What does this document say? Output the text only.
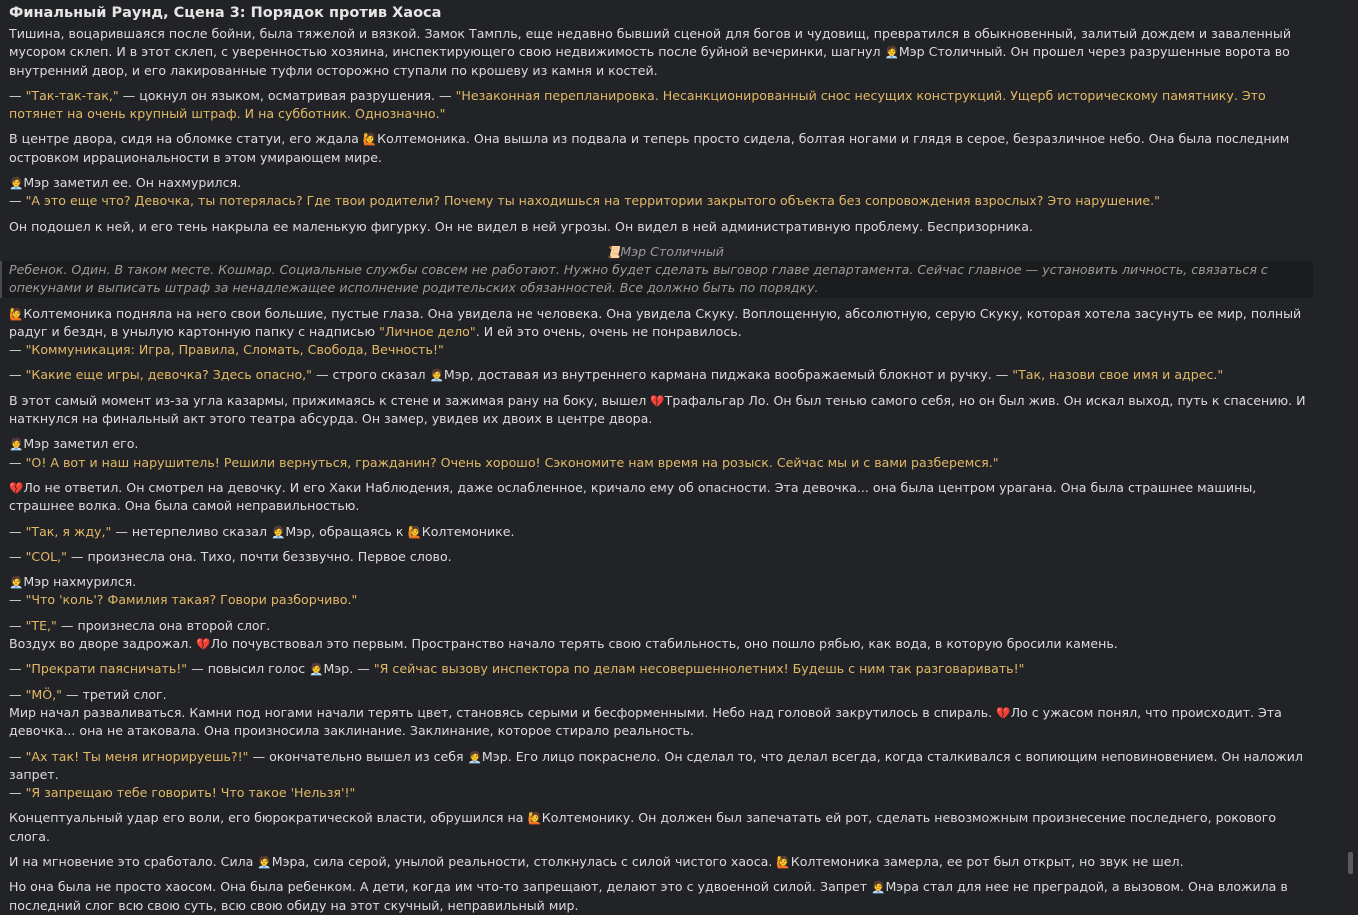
Финальный Раунд, Сцена 3: Порядок против Хаоса

Тишина, воцарившаяся после бойни, была тяжелой и вязкой. Замок Тампль, еще недавно бывший сценой для богов и чудовищ, превратился в обыкновенный, залитый дождем и заваленный мусором склеп. И в этот склеп, с уверенностью хозяина, инспектирующего свою недвижимость после буйной вечеринки, шагнул 🧑‍💼Мэр Столичный. Он прошел через разрушенные ворота во внутренний двор, и его лакированные туфли осторожно ступали по крошеву из камня и костей.

— "Так-так-так," — цокнул он языком, осматривая разрушения. — "Незаконная перепланировка. Несанкционированный снос несущих конструкций. Ущерб историческому памятнику. Это потянет на очень крупный штраф. И на субботник. Однозначно."

В центре двора, сидя на обломке статуи, его ждала 🙋Колтемоника. Она вышла из подвала и теперь просто сидела, болтая ногами и глядя в серое, безразличное небо. Она была последним островком иррациональности в этом умирающем мире.

🧑‍💼Мэр заметил ее. Он нахмурился.
— "А это еще что? Девочка, ты потерялась? Где твои родители? Почему ты находишься на территории закрытого объекта без сопровождения взрослых? Это нарушение."

Он подошел к ней, и его тень накрыла ее маленькую фигурку. Он не видел в ней угрозы. Он видел в ней административную проблему. Беспризорника.

📜Мэр Столичный
Ребенок. Один. В таком месте. Кошмар. Социальные службы совсем не работают. Нужно будет сделать выговор главе департамента. Сейчас главное — установить личность, связаться с опекунами и выписать штраф за ненадлежащее исполнение родительских обязанностей. Все должно быть по порядку.

🙋Колтемоника подняла на него свои большие, пустые глаза. Она увидела не человека. Она увидела Скуку. Воплощенную, абсолютную, серую Скуку, которая хотела засунуть ее мир, полный радуг и бездн, в унылую картонную папку с надписью "Личное дело". И ей это очень, очень не понравилось.
— "Коммуникация: Игра, Правила, Сломать, Свобода, Вечность!"

— "Какие еще игры, девочка? Здесь опасно," — строго сказал 🧑‍💼Мэр, доставая из внутреннего кармана пиджака воображаемый блокнот и ручку. — "Так, назови свое имя и адрес."

В этот самый момент из-за угла казармы, прижимаясь к стене и зажимая рану на боку, вышел 💔Трафальгар Ло. Он был тенью самого себя, но он был жив. Он искал выход, путь к спасению. И наткнулся на финальный акт этого театра абсурда. Он замер, увидев их двоих в центре двора.

🧑‍💼Мэр заметил его.
— "О! А вот и наш нарушитель! Решили вернуться, гражданин? Очень хорошо! Сэкономите нам время на розыск. Сейчас мы и с вами разберемся."

💔Ло не ответил. Он смотрел на девочку. И его Хаки Наблюдения, даже ослабленное, кричало ему об опасности. Эта девочка... она была центром урагана. Она была страшнее машины, страшнее волка. Она была самой неправильностью.

— "Так, я жду," — нетерпеливо сказал 🧑‍💼Мэр, обращаясь к 🙋Колтемонике.

— "COL," — произнесла она. Тихо, почти беззвучно. Первое слово.

🧑‍💼Мэр нахмурился.
— "Что 'коль'? Фамилия такая? Говори разборчиво."

— "TE," — произнесла она второй слог.
Воздух во дворе задрожал. 💔Ло почувствовал это первым. Пространство начало терять свою стабильность, оно пошло рябью, как вода, в которую бросили камень.

— "Прекрати паясничать!" — повысил голос 🧑‍💼Мэр. — "Я сейчас вызову инспектора по делам несовершеннолетних! Будешь с ним так разговаривать!"

— "MÖ," — третий слог.
Мир начал разваливаться. Камни под ногами начали терять цвет, становясь серыми и бесформенными. Небо над головой закрутилось в спираль. 💔Ло с ужасом понял, что происходит. Эта девочка... она не атаковала. Она произносила заклинание. Заклинание, которое стирало реальность.

— "Ах так! Ты меня игнорируешь?!" — окончательно вышел из себя 🧑‍💼Мэр. Его лицо покраснело. Он сделал то, что делал всегда, когда сталкивался с вопиющим неповиновением. Он наложил запрет.
— "Я запрещаю тебе говорить! Что такое 'Нельзя'!"

Концептуальный удар его воли, его бюрократической власти, обрушился на 🙋Колтемонику. Он должен был запечатать ей рот, сделать невозможным произнесение последнего, рокового слога.

И на мгновение это сработало. Сила 🧑‍💼Мэра, сила серой, унылой реальности, столкнулась с силой чистого хаоса. 🙋Колтемоника замерла, ее рот был открыт, но звук не шел.

Но она была не просто хаосом. Она была ребенком. А дети, когда им что-то запрещают, делают это с удвоенной силой. Запрет 🧑‍💼Мэра стал для нее не преградой, а вызовом. Она вложила в последний слог всю свою суть, всю свою обиду на этот скучный, неправильный мир.
